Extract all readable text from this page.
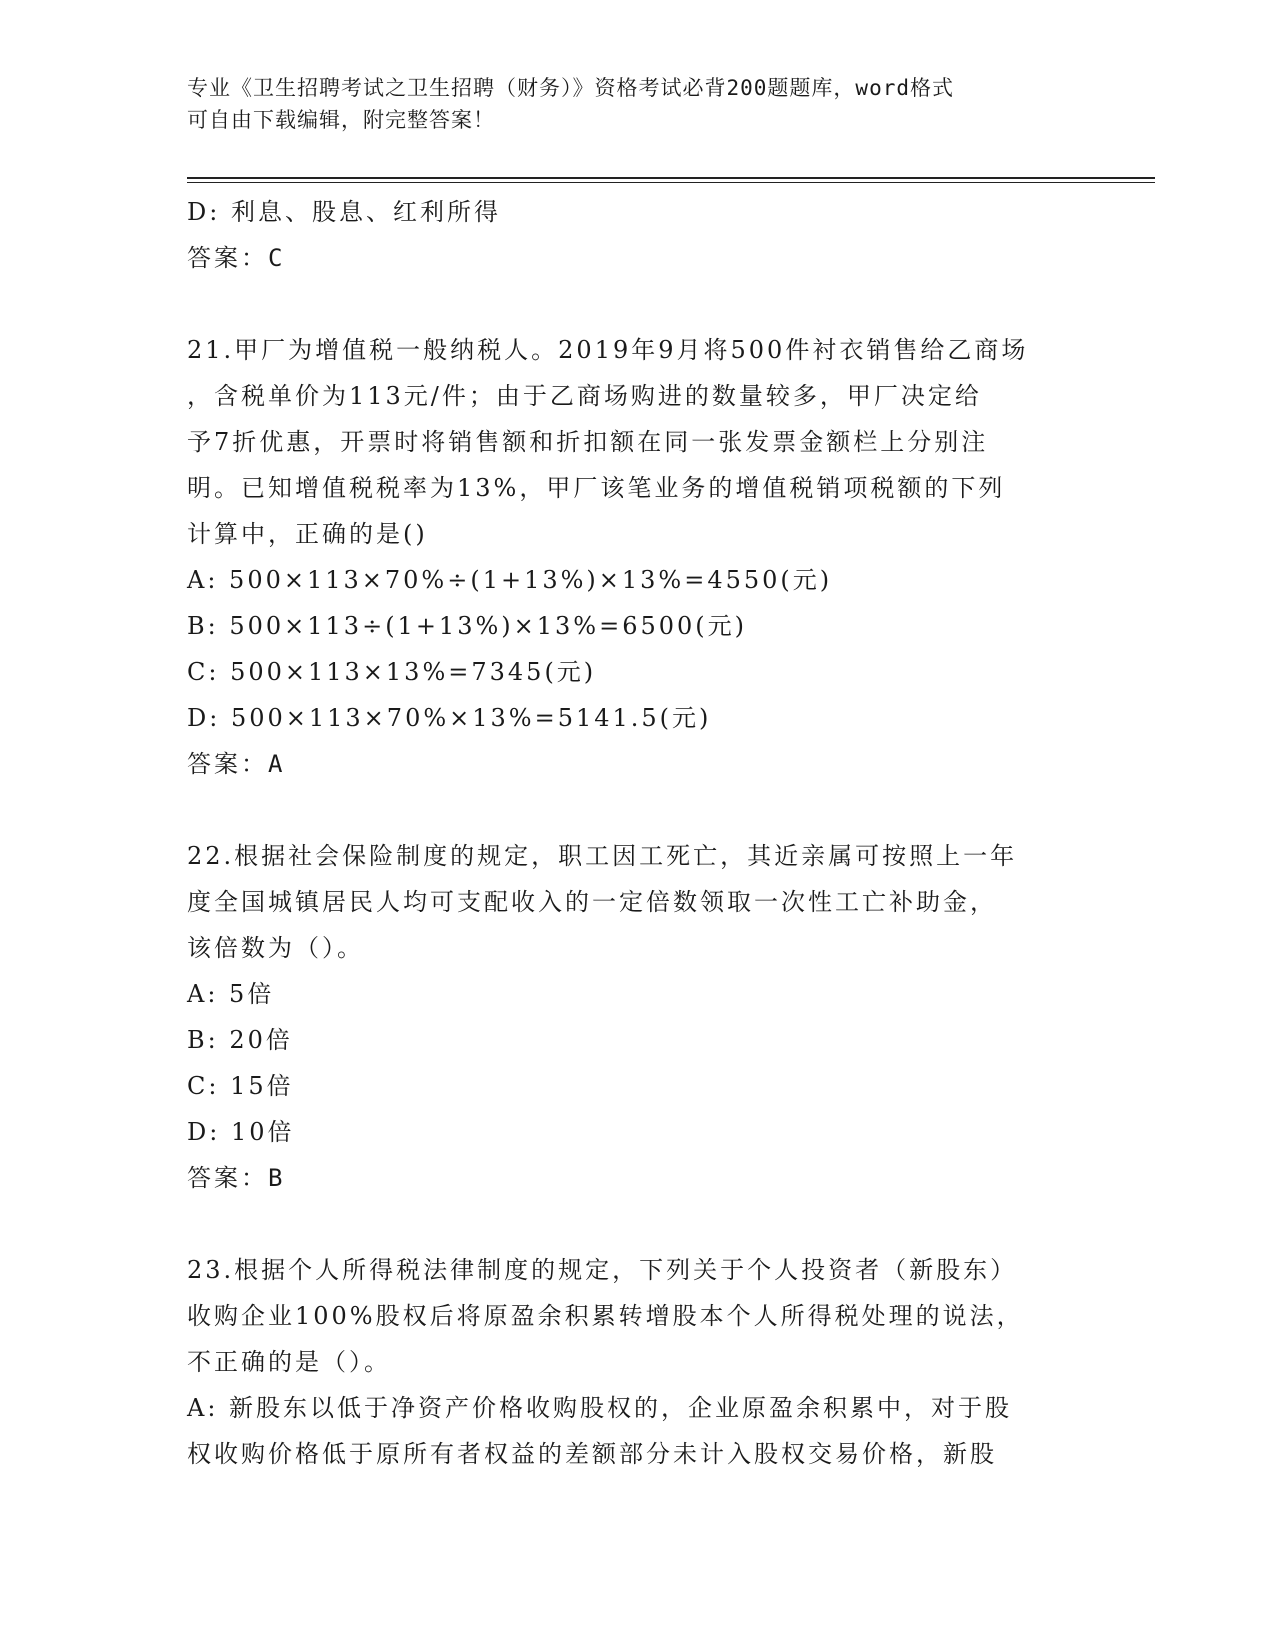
专业《卫生招聘考试之卫生招聘（财务）》资格考试必背200题题库，word格式
可自由下载编辑，附完整答案！
D: 利息、股息、红利所得
答案：C
21.甲厂为增值税一般纳税人。2019年9月将500件衬衣销售给乙商场
，含税单价为113元/件；由于乙商场购进的数量较多，甲厂决定给
予7折优惠，开票时将销售额和折扣额在同一张发票金额栏上分别注
明。已知增值税税率为13%，甲厂该笔业务的增值税销项税额的下列
计算中，正确的是()
A: 500×113×70%÷(1+13%)×13%=4550(元)
B: 500×113÷(1+13%)×13%=6500(元)
C: 500×113×13%=7345(元)
D: 500×113×70%×13%=5141.5(元)
答案：A
22.根据社会保险制度的规定，职工因工死亡，其近亲属可按照上一年
度全国城镇居民人均可支配收入的一定倍数领取一次性工亡补助金，
该倍数为（）。
A: 5倍
B: 20倍
C: 15倍
D: 10倍
答案：B
23.根据个人所得税法律制度的规定，下列关于个人投资者（新股东）
收购企业100%股权后将原盈余积累转增股本个人所得税处理的说法，
不正确的是（）。
A: 新股东以低于净资产价格收购股权的，企业原盈余积累中，对于股
权收购价格低于原所有者权益的差额部分未计入股权交易价格，新股
